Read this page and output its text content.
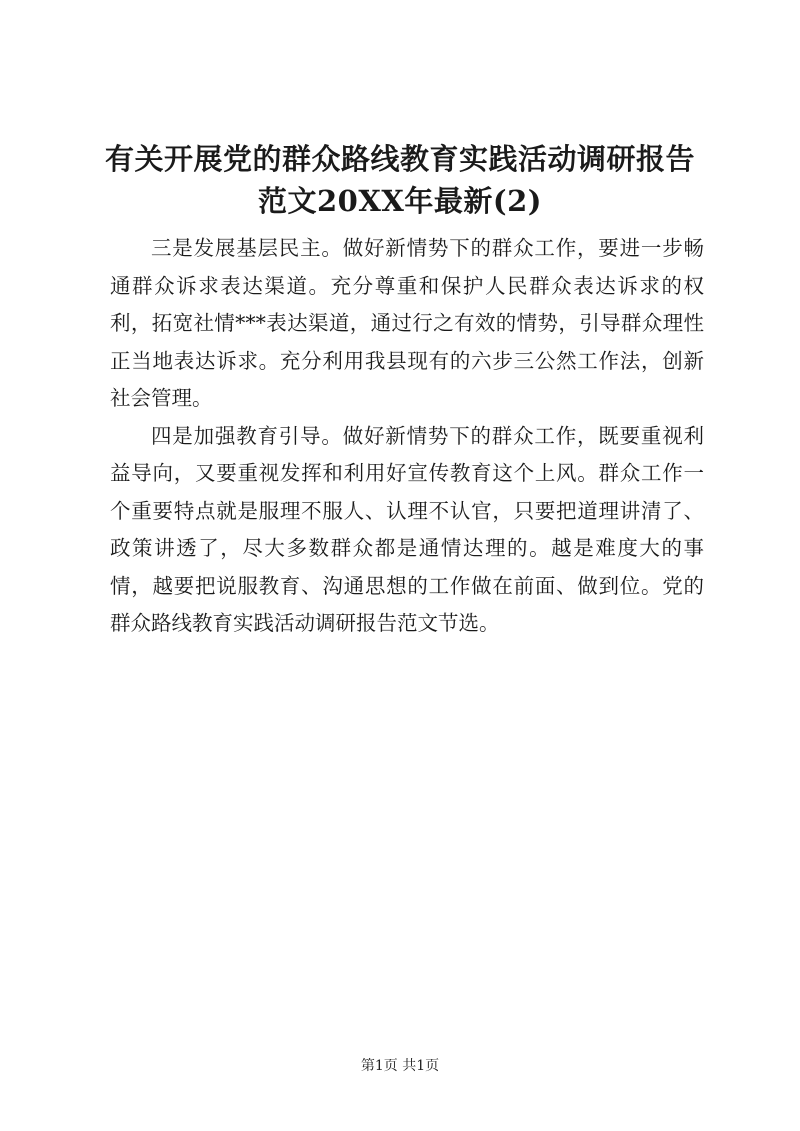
有关开展党的群众路线教育实践活动调研报告
范文20XX年最新(2)

三是发展基层民主。做好新情势下的群众工作，要进一步畅通群众诉求表达渠道。充分尊重和保护人民群众表达诉求的权利，拓宽社情***表达渠道，通过行之有效的情势，引导群众理性正当地表达诉求。充分利用我县现有的六步三公然工作法，创新社会管理。

四是加强教育引导。做好新情势下的群众工作，既要重视利益导向，又要重视发挥和利用好宣传教育这个上风。群众工作一个重要特点就是服理不服人、认理不认官，只要把道理讲清了、政策讲透了，尽大多数群众都是通情达理的。越是难度大的事情，越要把说服教育、沟通思想的工作做在前面、做到位。党的群众路线教育实践活动调研报告范文节选。

第1页 共1页
